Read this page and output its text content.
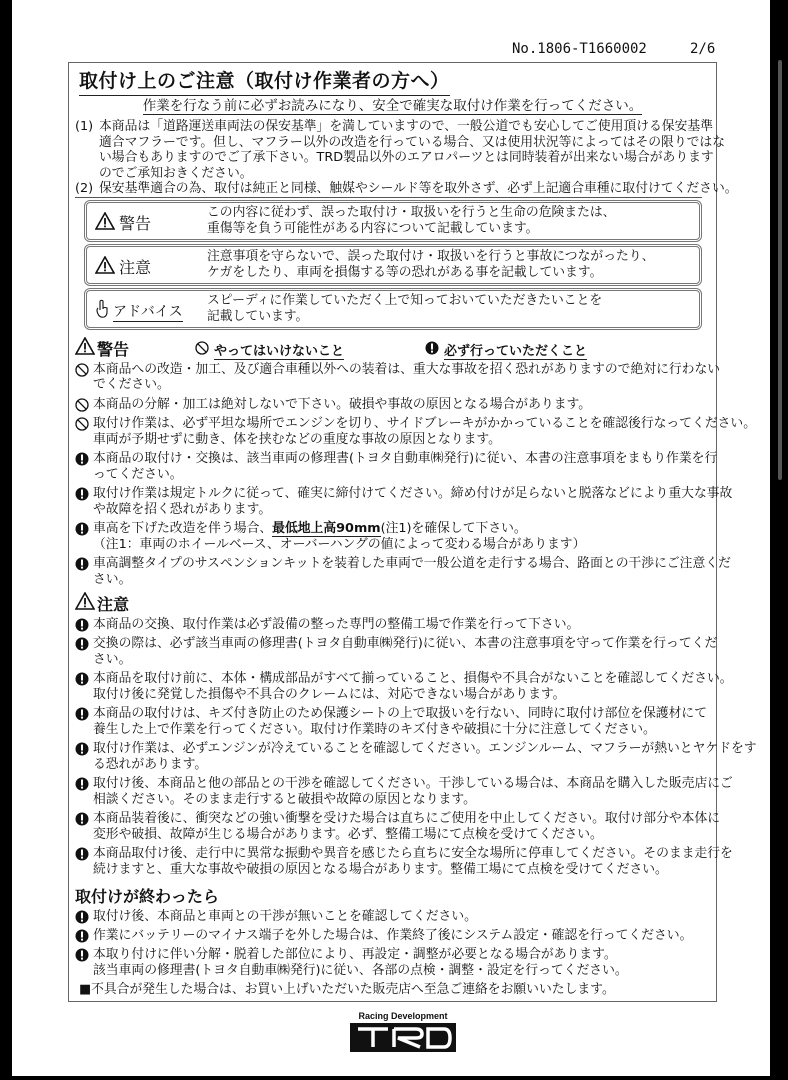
No.1806-T1660002	2/6
取付け上のご注意（取付け作業者の方へ）
作業を行なう前に必ずお読みになり、安全で確実な取付け作業を行ってください。
(1) 本商品は「道路運送車両法の保安基準」を満していますので、一般公道でも安心してご使用頂ける保安基準
適合マフラーです。但し、マフラー以外の改造を行っている場合、又は使用状況等によってはその限りではな
い場合もありますのでご了承下さい。TRD製品以外のエアロパーツとは同時装着が出来ない場合があります
のでご承知おきください。
(2) 保安基準適合の為、取付は純正と同様、触媒やシールド等を取外さず、必ず上記適合車種に取付けてください。
警告
この内容に従わず、誤った取付け・取扱いを行うと生命の危険または、
重傷等を負う可能性がある内容について記載しています。
注意
注意事項を守らないで、誤った取付け・取扱いを行うと事故につながったり、
ケガをしたり、車両を損傷する等の恐れがある事を記載しています。
アドバイス
スピーディに作業していただく上で知っておいていただきたいことを
記載しています。
警告	やってはいけないこと	必ず行っていただくこと
本商品への改造・加工、及び適合車種以外への装着は、重大な事故を招く恐れがありますので絶対に行わない
でください。
本商品の分解・加工は絶対しないで下さい。破損や事故の原因となる場合があります。
取付け作業は、必ず平坦な場所でエンジンを切り、サイドブレーキがかかっていることを確認後行なってください。
車両が予期せずに動き、体を挟むなどの重度な事故の原因となります。
本商品の取付け・交換は、該当車両の修理書(トヨタ自動車㈱発行)に従い、本書の注意事項をまもり作業を行
ってください。
取付け作業は規定トルクに従って、確実に締付けてください。締め付けが足らないと脱落などにより重大な事故
や故障を招く恐れがあります。
車高を下げた改造を伴う場合、最低地上高90mm(注1)を確保して下さい。
（注1：車両のホイールベース、オーバーハングの値によって変わる場合があります）
車高調整タイプのサスペンションキットを装着した車両で一般公道を走行する場合、路面との干渉にご注意くだ
さい。
注意
本商品の交換、取付作業は必ず設備の整った専門の整備工場で作業を行って下さい。
交換の際は、必ず該当車両の修理書(トヨタ自動車㈱発行)に従い、本書の注意事項を守って作業を行ってくだ
さい。
本商品を取付け前に、本体・構成部品がすべて揃っていること、損傷や不具合がないことを確認してください。
取付け後に発覚した損傷や不具合のクレームには、対応できない場合があります。
本商品の取付けは、キズ付き防止のため保護シートの上で取扱いを行ない、同時に取付け部位を保護材にて
養生した上で作業を行ってください。取付け作業時のキズ付きや破損に十分に注意してください。
取付け作業は、必ずエンジンが冷えていることを確認してください。エンジンルーム、マフラーが熱いとヤケドをす
る恐れがあります。
取付け後、本商品と他の部品との干渉を確認してください。干渉している場合は、本商品を購入した販売店にご
相談ください。そのまま走行すると破損や故障の原因となります。
本商品装着後に、衝突などの強い衝撃を受けた場合は直ちにご使用を中止してください。取付け部分や本体に
変形や破損、故障が生じる場合があります。必ず、整備工場にて点検を受けてください。
本商品取付け後、走行中に異常な振動や異音を感じたら直ちに安全な場所に停車してください。そのまま走行を
続けますと、重大な事故や破損の原因となる場合があります。整備工場にて点検を受けてください。
取付けが終わったら
取付け後、本商品と車両との干渉が無いことを確認してください。
作業にバッテリーのマイナス端子を外した場合は、作業終了後にシステム設定・確認を行ってください。
本取り付けに伴い分解・脱着した部位により、再設定・調整が必要となる場合があります。
該当車両の修理書(トヨタ自動車㈱発行)に従い、各部の点検・調整・設定を行ってください。
■不具合が発生した場合は、お買い上げいただいた販売店へ至急ご連絡をお願いいたします。
Racing Development
